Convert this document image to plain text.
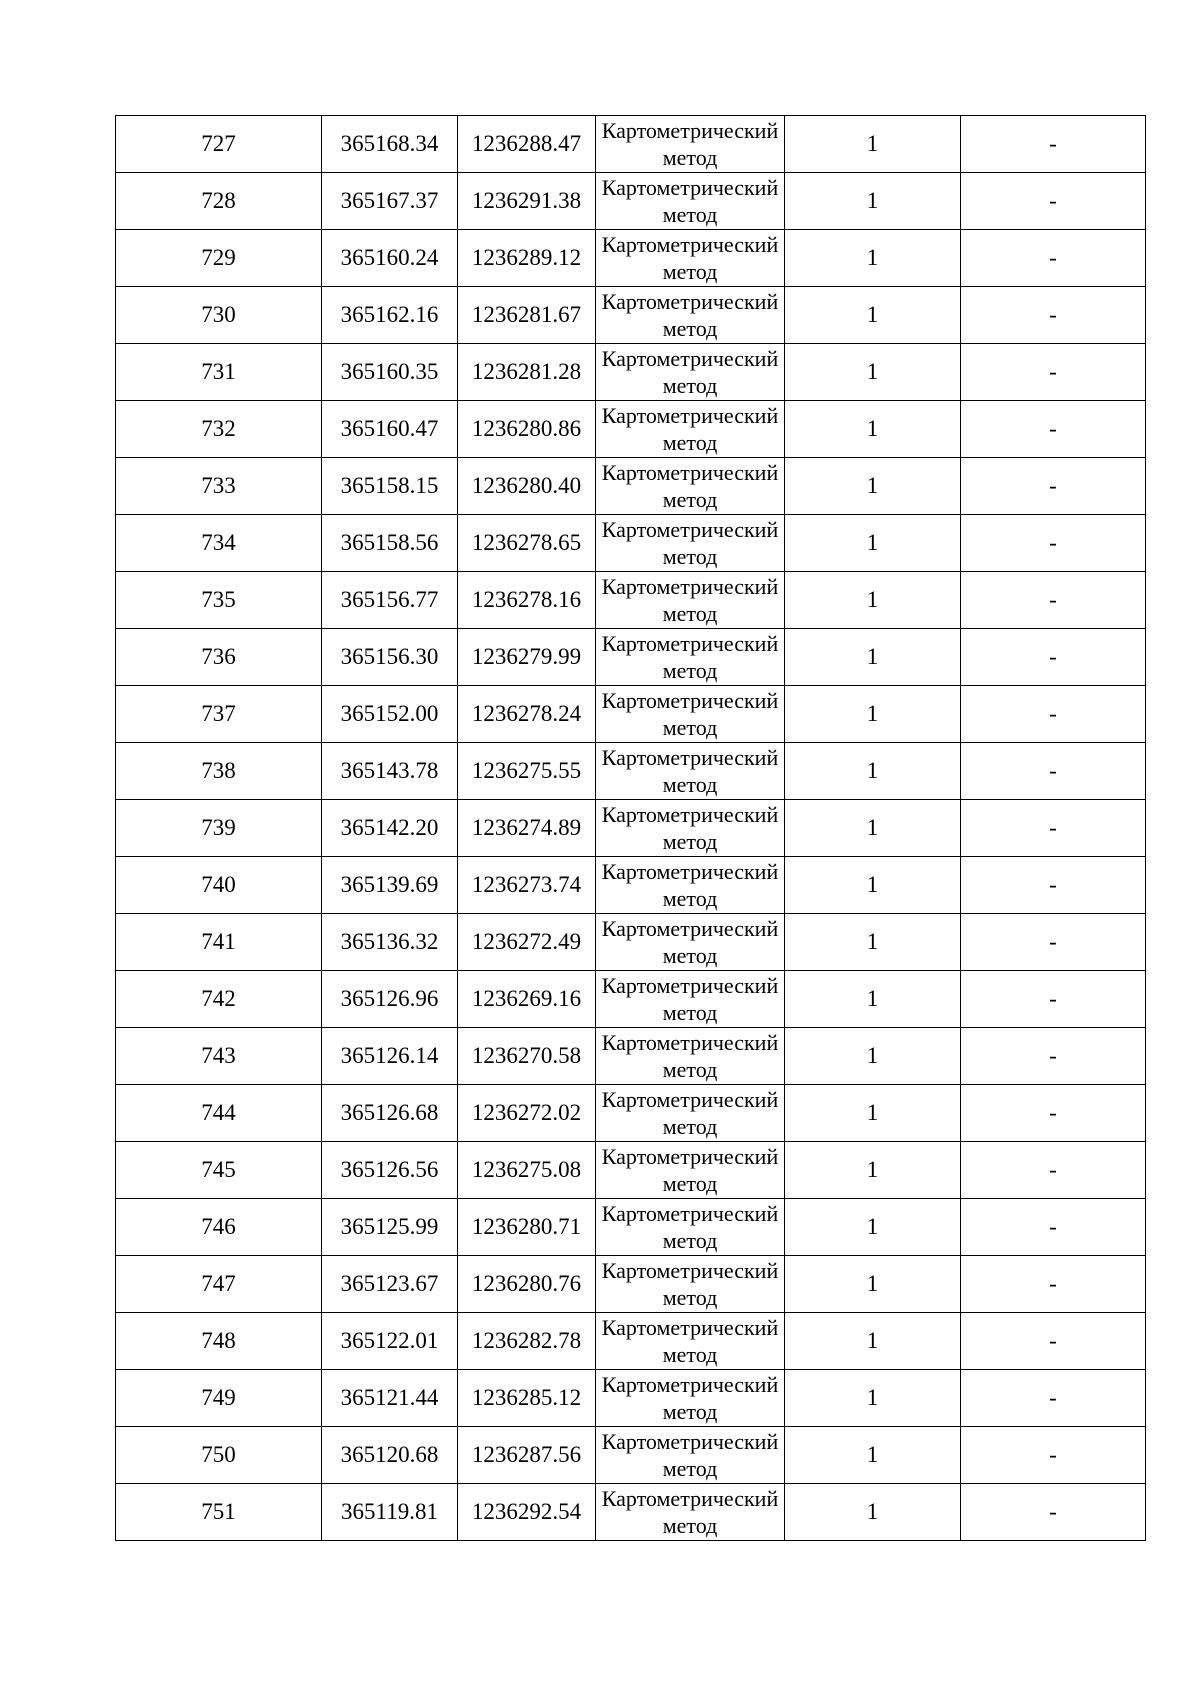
727	365168.34	1236288.47	Картометрический метод	1	-
728	365167.37	1236291.38	Картометрический метод	1	-
729	365160.24	1236289.12	Картометрический метод	1	-
730	365162.16	1236281.67	Картометрический метод	1	-
731	365160.35	1236281.28	Картометрический метод	1	-
732	365160.47	1236280.86	Картометрический метод	1	-
733	365158.15	1236280.40	Картометрический метод	1	-
734	365158.56	1236278.65	Картометрический метод	1	-
735	365156.77	1236278.16	Картометрический метод	1	-
736	365156.30	1236279.99	Картометрический метод	1	-
737	365152.00	1236278.24	Картометрический метод	1	-
738	365143.78	1236275.55	Картометрический метод	1	-
739	365142.20	1236274.89	Картометрический метод	1	-
740	365139.69	1236273.74	Картометрический метод	1	-
741	365136.32	1236272.49	Картометрический метод	1	-
742	365126.96	1236269.16	Картометрический метод	1	-
743	365126.14	1236270.58	Картометрический метод	1	-
744	365126.68	1236272.02	Картометрический метод	1	-
745	365126.56	1236275.08	Картометрический метод	1	-
746	365125.99	1236280.71	Картометрический метод	1	-
747	365123.67	1236280.76	Картометрический метод	1	-
748	365122.01	1236282.78	Картометрический метод	1	-
749	365121.44	1236285.12	Картометрический метод	1	-
750	365120.68	1236287.56	Картометрический метод	1	-
751	365119.81	1236292.54	Картометрический метод	1	-
